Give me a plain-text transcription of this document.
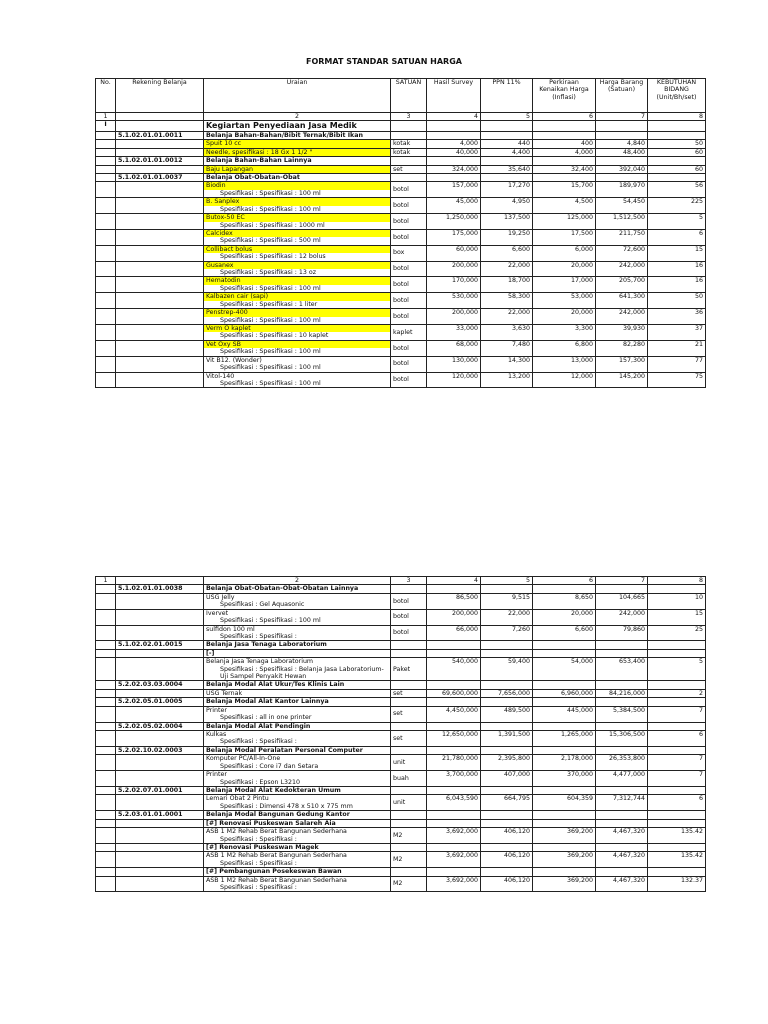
FORMAT STANDAR SATUAN HARGA
No.	Rekening Belanja	Uraian	SATUAN	Hasil Survey	PPN 11%	Perkiraan Kenaikan Harga (Inflasi)	Harga Barang (Satuan)	KEBUTUHAN BIDANG (Unit/Bh/set)
1		2	3	4	5	6	7	8
I		Kegiartan Penyediaan Jasa Medik						
	5.1.02.01.01.0011	Belanja Bahan-Bahan/Bibit Ternak/Bibit Ikan						

		Spuit 10 cc	kotak	4,000	440	400	4,840	50

		Needle, spesifikasi : 18 Gx 1 1/2 "	kotak	40,000	4,400	4,000	48,400	60
	5.1.02.01.01.0012	Belanja Bahan-Bahan Lainnya						

		Baju Lapangan	set	324,000	35,640	32,400	392,040	60
	5.1.02.01.01.0037	Belanja Obat-Obatan-Obat						

		Biodin
Spesifikasi : Spesifikasi : 100 ml	botol	157,000	17,270	15,700	189,970	56

		B. Sanplex
Spesifikasi : Spesifikasi : 100 ml	botol	45,000	4,950	4,500	54,450	225

		Butox-50 EC
Spesifikasi : Spesifikasi : 1000 ml	botol	1,250,000	137,500	125,000	1,512,500	5

		Calcidex
Spesifikasi : Spesifikasi : 500 ml	botol	175,000	19,250	17,500	211,750	6

		Collibact bolus
Spesifikasi : Spesifikasi : 12 bolus	box	60,000	6,600	6,000	72,600	15

		Gusanex
Spesifikasi : Spesifikasi : 13 oz	botol	200,000	22,000	20,000	242,000	16

		Hematodin
Spesifikasi : Spesifikasi : 100 ml	botol	170,000	18,700	17,000	205,700	16

		Kalbazen cair (sapi)
Spesifikasi : Spesifikasi : 1 liter	botol	530,000	58,300	53,000	641,300	50

		Penstrep-400
Spesifikasi : Spesifikasi : 100 ml	botol	200,000	22,000	20,000	242,000	36

		Verm O kaplet
Spesifikasi : Spesifikasi : 10 kaplet	kaplet	33,000	3,630	3,300	39,930	37

		Vet Oxy SB
Spesifikasi : Spesifikasi : 100 ml	botol	68,000	7,480	6,800	82,280	21
		Vit B12. (Wonder)
Spesifikasi : Spesifikasi : 100 ml	botol	130,000	14,300	13,000	157,300	77
		Vitol-140
Spesifikasi : Spesifikasi : 100 ml	botol	120,000	13,200	12,000	145,200	75
1		2	3	4	5	6	7	8
	5.1.02.01.01.0038	Belanja Obat-Obatan-Obat-Obatan Lainnya						
		USG Jelly
Spesifikasi : Gel Aquasonic	botol	86,500	9,515	8,650	104,665	10
		Ivervet
Spesifikasi : Spesifikasi : 100 ml	botol	200,000	22,000	20,000	242,000	15
		sulfidon 100 ml
Spesifikasi : Spesifikasi :	botol	66,000	7,260	6,600	79,860	25
	5.1.02.02.01.0015	Belanja Jasa Tenaga Laboratorium						
		[-]						
		Belanja Jasa Tenaga Laboratorium
Spesifikasi : Spesifikasi : Belanja Jasa Laboratorium-Uji Sampel Penyakit Hewan	Paket	540,000	59,400	54,000	653,400	5
	5.2.02.03.03.0004	Belanja Modal Alat Ukur/Tes Klinis Lain						
		USG Ternak	set	69,600,000	7,656,000	6,960,000	84,216,000	2
	5.2.02.05.01.0005	Belanja Modal Alat Kantor Lainnya						
		Printer
Spesifikasi : all in one printer	set	4,450,000	489,500	445,000	5,384,500	7
	5.2.02.05.02.0004	Belanja Modal Alat Pendingin						
		Kulkas
Spesifikasi : Spesifikasi :	set	12,650,000	1,391,500	1,265,000	15,306,500	6
	5.2.02.10.02.0003	Belanja Modal Peralatan Personal Computer						
		Komputer PC/All-In-One
Spesifikasi : Core i7 dan Setara	unit	21,780,000	2,395,800	2,178,000	26,353,800	7
		Printer
Spesifikasi : Epson L3210	buah	3,700,000	407,000	370,000	4,477,000	7
	5.2.02.07.01.0001	Belanja Modal Alat Kedokteran Umum						
		Lemari Obat 2 Pintu
Spesifikasi : Dimensi 478 x 510 x 775 mm	unit	6,043,590	664,795	604,359	7,312,744	6
	5.2.03.01.01.0001	Belanja Modal Bangunan Gedung Kantor						
		[#] Renovasi Puskeswan Salareh Aia						
		ASB 1 M2 Rehab Berat Bangunan Sederhana
Spesifikasi : Spesifikasi :	M2	3,692,000	406,120	369,200	4,467,320	135.42
		[#] Renovasi Puskeswan Magek						
		ASB 1 M2 Rehab Berat Bangunan Sederhana
Spesifikasi : Spesifikasi :	M2	3,692,000	406,120	369,200	4,467,320	135.42
		[#] Pembangunan Posekeswan Bawan						
		ASB 1 M2 Rehab Berat Bangunan Sederhana
Spesifikasi : Spesifikasi :	M2	3,692,000	406,120	369,200	4,467,320	132.37
